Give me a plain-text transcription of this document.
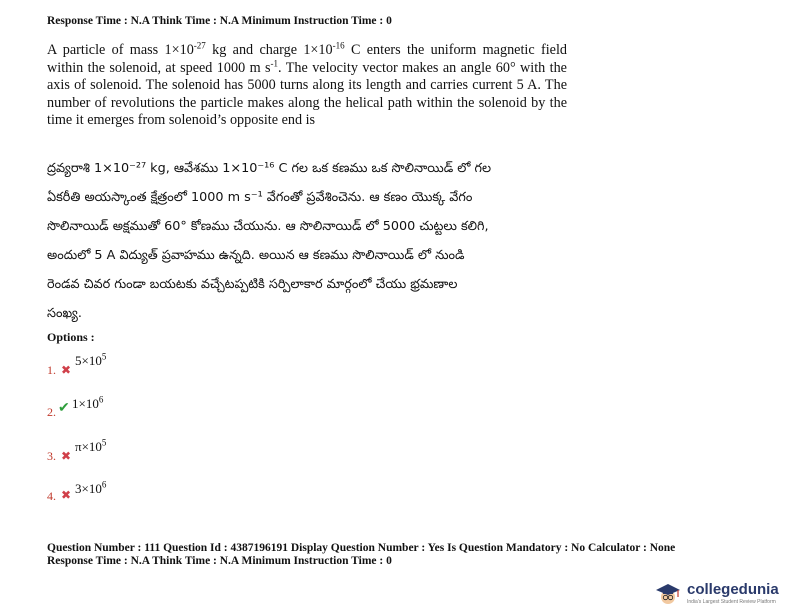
Response Time : N.A Think Time : N.A Minimum Instruction Time : 0
A particle of mass $1\times 10^{-27}$ kg and charge $1\times 10^{-16}$ C enters the uniform magnetic field within the solenoid, at speed 1000 m $s^{-1}$. The velocity vector makes an angle 60° with the axis of solenoid. The solenoid has 5000 turns along its length and carries current 5 A. The number of revolutions the particle makes along the helical path within the solenoid by the time it emerges from solenoid’s opposite end is
ద్రవ్యరాశి 1×10⁻²⁷ kg, ఆవేశము 1×10⁻¹⁶ C గల ఒక కణము ఒక సొలినాయిడ్ లో గల
ఏకరీతి అయస్కాంత క్షేత్రంలో 1000 m s⁻¹ వేగంతో ప్రవేశించెను. ఆ కణం యొక్క వేగం
సొలినాయిడ్ అక్షముతో 60° కోణము చేయును. ఆ సొలినాయిడ్ లో 5000 చుట్టలు కలిగి,
అందులో 5 A విద్యుత్ ప్రవాహము ఉన్నది. అయిన ఆ కణము సొలినాయిడ్ లో నుండి
రెండవ చివర గుండా బయటకు వచ్చేటప్పటికి సర్పిలాకార మార్గంలో చేయు భ్రమణాల
సంఖ్య.
Options :
1. ✖
$5\times 10^5$
2. ✔ $1\times 10^6$
3. ✖
$\pi\times 10^5$
4. ✖ $3\times 10^6$
Question Number : 111 Question Id : 4387196191 Display Question Number : Yes Is Question Mandatory : No Calculator : None
Response Time : N.A Think Time : N.A Minimum Instruction Time : 0
collegedunia
India's Largest Student Review Platform
